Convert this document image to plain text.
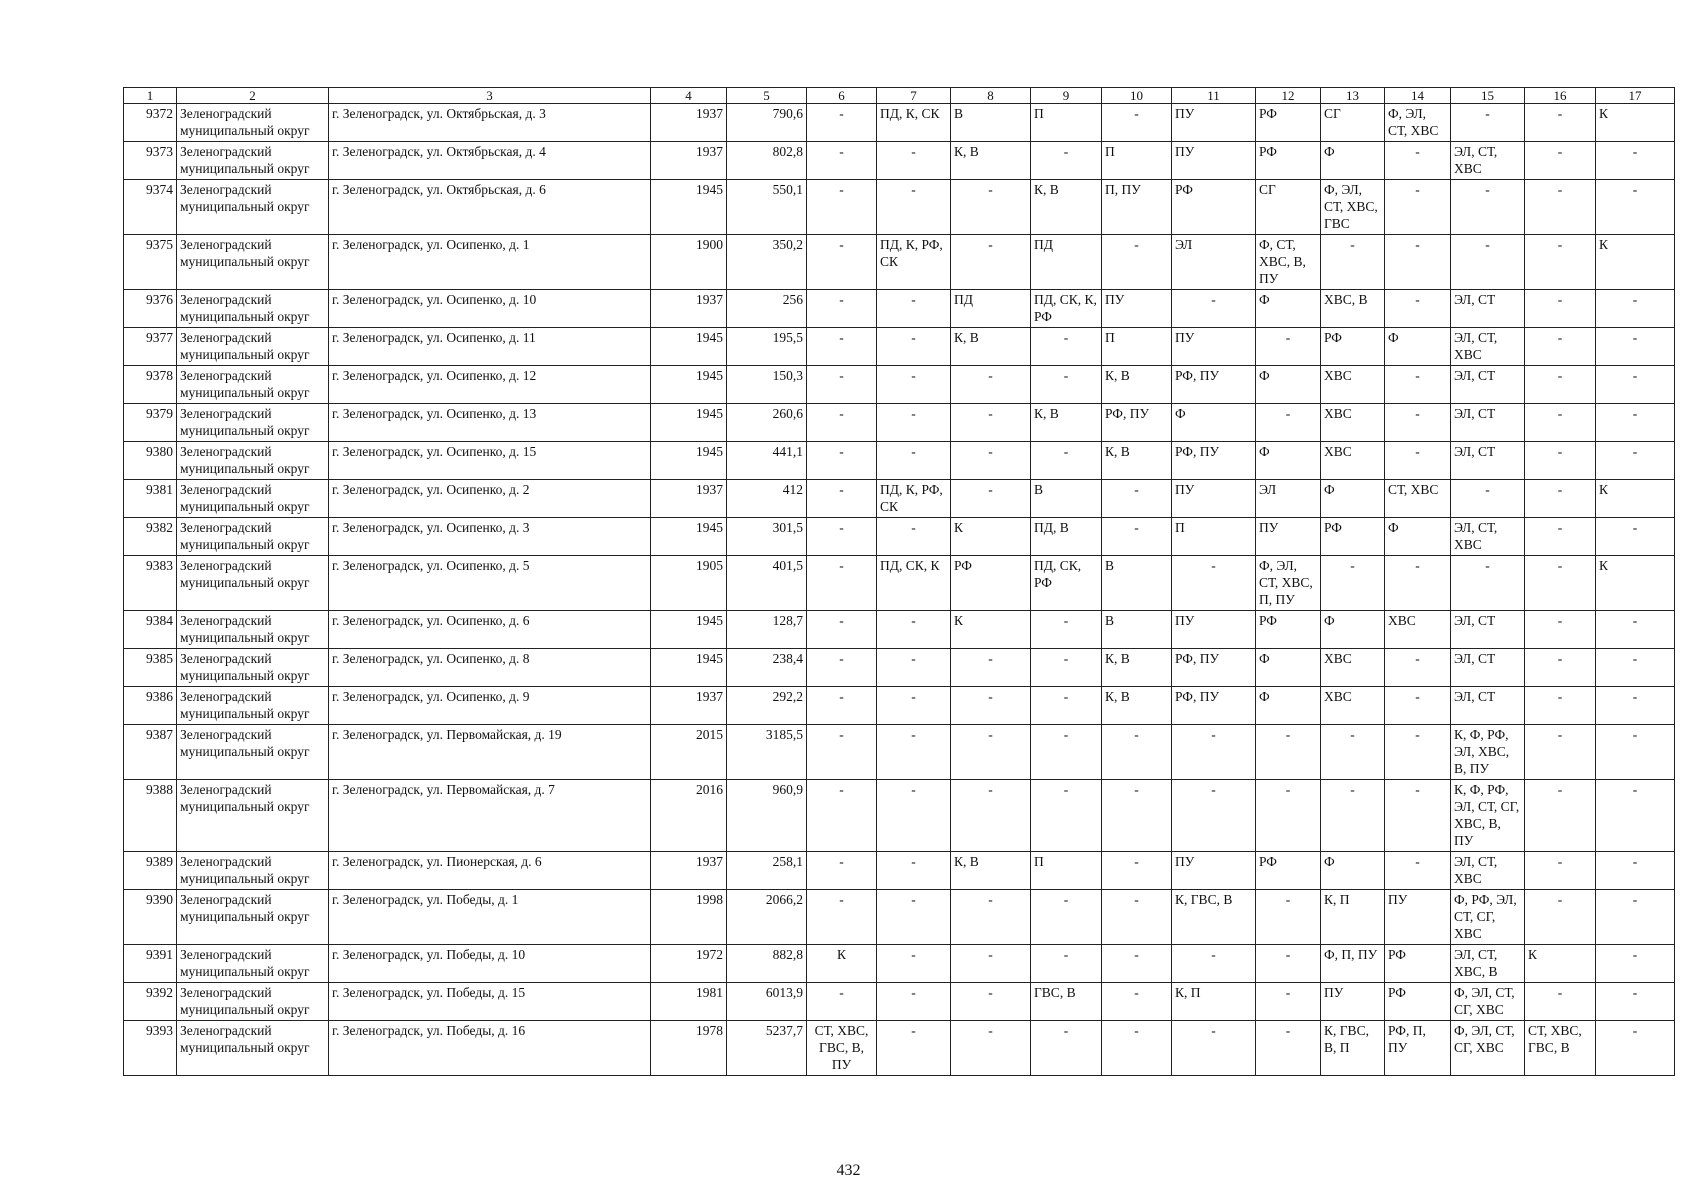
1	2	3	4	5	6	7	8	9	10	11	12	13	14	15	16	17
9372	Зеленоградский муниципальный округ	г. Зеленоградск, ул. Октябрьская, д. 3	1937	790,6	-	ПД, К, СК	В	П	-	ПУ	РФ	СГ	Ф, ЭЛ, СТ, ХВС	-	-	К
9373	Зеленоградский муниципальный округ	г. Зеленоградск, ул. Октябрьская, д. 4	1937	802,8	-	-	К, В	-	П	ПУ	РФ	Ф	-	ЭЛ, СТ, ХВС	-	-
9374	Зеленоградский муниципальный округ	г. Зеленоградск, ул. Октябрьская, д. 6	1945	550,1	-	-	-	К, В	П, ПУ	РФ	СГ	Ф, ЭЛ, СТ, ХВС, ГВС	-	-	-	-
9375	Зеленоградский муниципальный округ	г. Зеленоградск, ул. Осипенко, д. 1	1900	350,2	-	ПД, К, РФ, СК	-	ПД	-	ЭЛ	Ф, СТ, ХВС, В, ПУ	-	-	-	-	К
9376	Зеленоградский муниципальный округ	г. Зеленоградск, ул. Осипенко, д. 10	1937	256	-	-	ПД	ПД, СК, К, РФ	ПУ	-	Ф	ХВС, В	-	ЭЛ, СТ	-	-
9377	Зеленоградский муниципальный округ	г. Зеленоградск, ул. Осипенко, д. 11	1945	195,5	-	-	К, В	-	П	ПУ	-	РФ	Ф	ЭЛ, СТ, ХВС	-	-
9378	Зеленоградский муниципальный округ	г. Зеленоградск, ул. Осипенко, д. 12	1945	150,3	-	-	-	-	К, В	РФ, ПУ	Ф	ХВС	-	ЭЛ, СТ	-	-
9379	Зеленоградский муниципальный округ	г. Зеленоградск, ул. Осипенко, д. 13	1945	260,6	-	-	-	К, В	РФ, ПУ	Ф	-	ХВС	-	ЭЛ, СТ	-	-
9380	Зеленоградский муниципальный округ	г. Зеленоградск, ул. Осипенко, д. 15	1945	441,1	-	-	-	-	К, В	РФ, ПУ	Ф	ХВС	-	ЭЛ, СТ	-	-
9381	Зеленоградский муниципальный округ	г. Зеленоградск, ул. Осипенко, д. 2	1937	412	-	ПД, К, РФ, СК	-	В	-	ПУ	ЭЛ	Ф	СТ, ХВС	-	-	К
9382	Зеленоградский муниципальный округ	г. Зеленоградск, ул. Осипенко, д. 3	1945	301,5	-	-	К	ПД, В	-	П	ПУ	РФ	Ф	ЭЛ, СТ, ХВС	-	-
9383	Зеленоградский муниципальный округ	г. Зеленоградск, ул. Осипенко, д. 5	1905	401,5	-	ПД, СК, К	РФ	ПД, СК, РФ	В	-	Ф, ЭЛ, СТ, ХВС, П, ПУ	-	-	-	-	К
9384	Зеленоградский муниципальный округ	г. Зеленоградск, ул. Осипенко, д. 6	1945	128,7	-	-	К	-	В	ПУ	РФ	Ф	ХВС	ЭЛ, СТ	-	-
9385	Зеленоградский муниципальный округ	г. Зеленоградск, ул. Осипенко, д. 8	1945	238,4	-	-	-	-	К, В	РФ, ПУ	Ф	ХВС	-	ЭЛ, СТ	-	-
9386	Зеленоградский муниципальный округ	г. Зеленоградск, ул. Осипенко, д. 9	1937	292,2	-	-	-	-	К, В	РФ, ПУ	Ф	ХВС	-	ЭЛ, СТ	-	-
9387	Зеленоградский муниципальный округ	г. Зеленоградск, ул. Первомайская, д. 19	2015	3185,5	-	-	-	-	-	-	-	-	-	К, Ф, РФ, ЭЛ, ХВС, В, ПУ	-	-
9388	Зеленоградский муниципальный округ	г. Зеленоградск, ул. Первомайская, д. 7	2016	960,9	-	-	-	-	-	-	-	-	-	К, Ф, РФ, ЭЛ, СТ, СГ, ХВС, В, ПУ	-	-
9389	Зеленоградский муниципальный округ	г. Зеленоградск, ул. Пионерская, д. 6	1937	258,1	-	-	К, В	П	-	ПУ	РФ	Ф	-	ЭЛ, СТ, ХВС	-	-
9390	Зеленоградский муниципальный округ	г. Зеленоградск, ул. Победы, д. 1	1998	2066,2	-	-	-	-	-	К, ГВС, В	-	К, П	ПУ	Ф, РФ, ЭЛ, СТ, СГ, ХВС	-	-
9391	Зеленоградский муниципальный округ	г. Зеленоградск, ул. Победы, д. 10	1972	882,8	К	-	-	-	-	-	-	Ф, П, ПУ	РФ	ЭЛ, СТ, ХВС, В	К	-
9392	Зеленоградский муниципальный округ	г. Зеленоградск, ул. Победы, д. 15	1981	6013,9	-	-	-	ГВС, В	-	К, П	-	ПУ	РФ	Ф, ЭЛ, СТ, СГ, ХВС	-	-
9393	Зеленоградский муниципальный округ	г. Зеленоградск, ул. Победы, д. 16	1978	5237,7	СТ, ХВС, ГВС, В, ПУ	-	-	-	-	-	-	К, ГВС, В, П	РФ, П, ПУ	Ф, ЭЛ, СТ, СГ, ХВС	СТ, ХВС, ГВС, В	-
432
